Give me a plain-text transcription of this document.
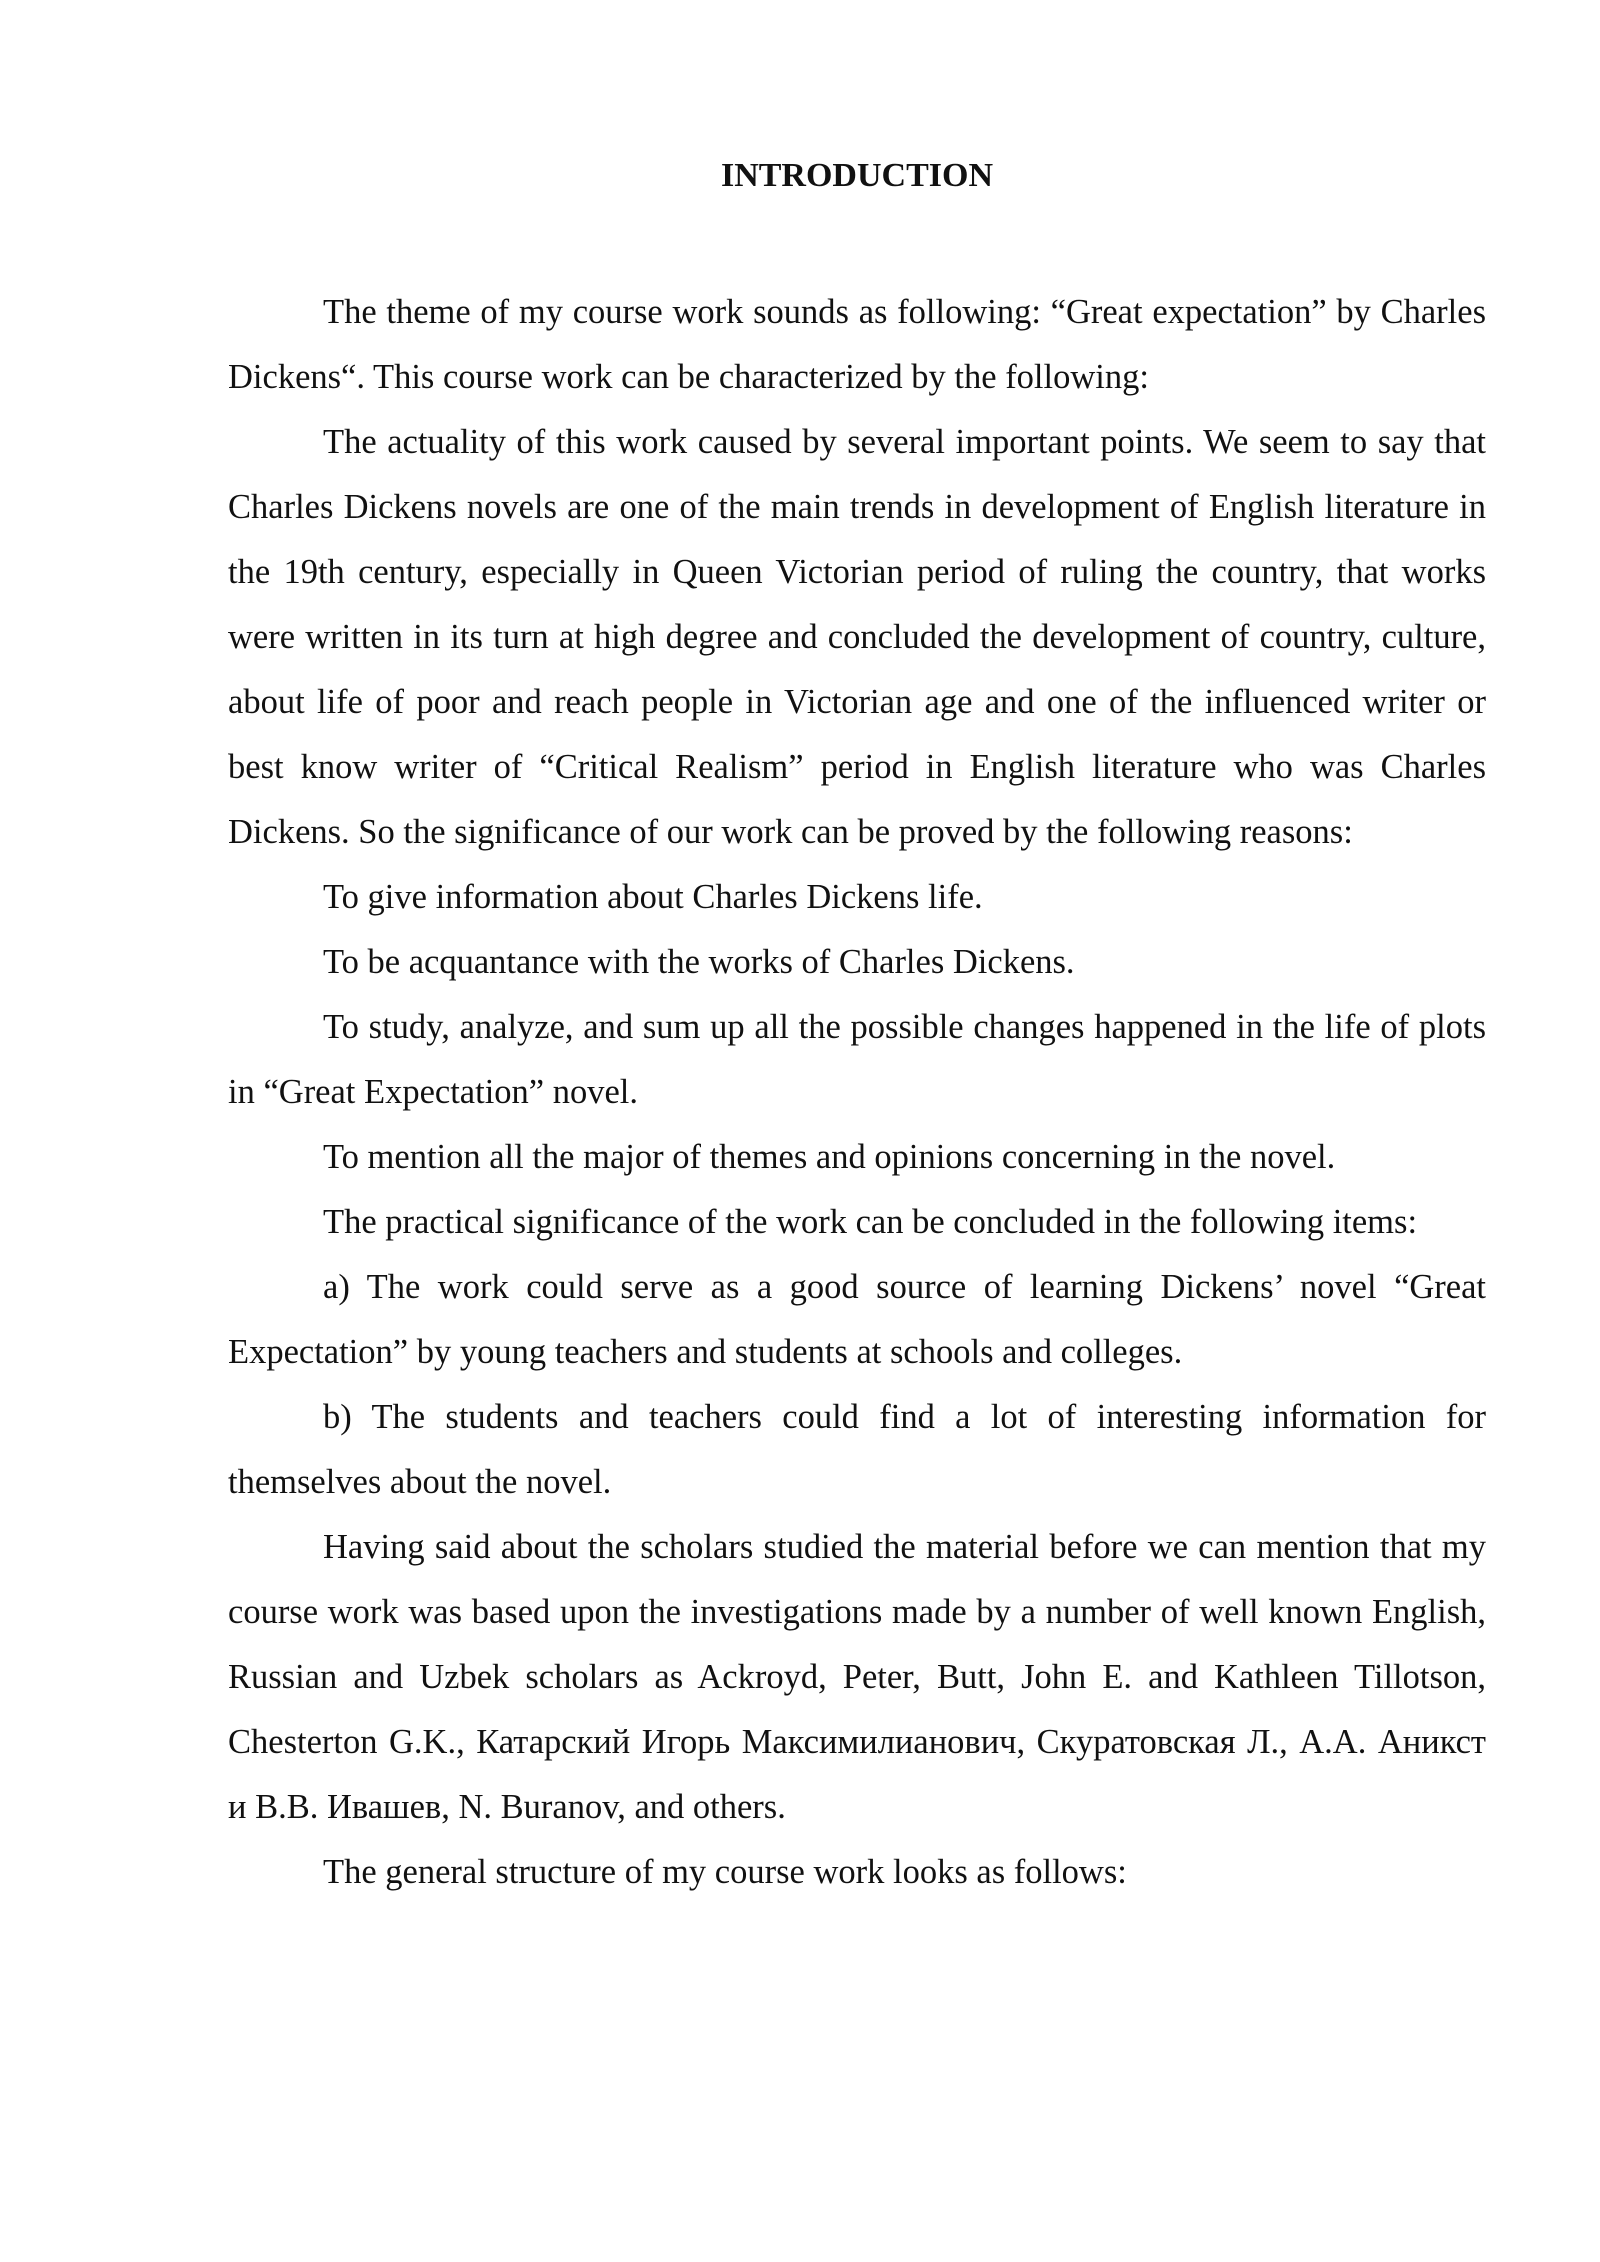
INTRODUCTION

The theme of my course work sounds as following: “Great expectation” by Charles Dickens“. This course work can be characterized by the following:

The actuality of this work caused by several important points. We seem to say that Charles Dickens novels are one of the main trends in development of English literature in the 19th century, especially in Queen Victorian period of ruling the country, that works were written in its turn at high degree and concluded the development of country, culture, about life of poor and reach people in Victorian age and one of the influenced writer or best know writer of “Critical Realism” period in English literature who was Charles Dickens. So the significance of our work can be proved by the following reasons:

To give information about Charles Dickens life.

To be acquantance with the works of Charles Dickens.

To study, analyze, and sum up all the possible changes happened in the life of plots in “Great Expectation” novel.

To mention all the major of themes and opinions concerning in the novel.

The practical significance of the work can be concluded in the following items:

a) The work could serve as a good source of learning Dickens’ novel “Great Expectation” by young teachers and students at schools and colleges.

b) The students and teachers could find a lot of interesting information for themselves about the novel.

Having said about the scholars studied the material before we can mention that my course work was based upon the investigations made by a number of well known English, Russian and Uzbek scholars as Ackroyd, Peter, Butt, John E. and Kathleen Tillotson, Chesterton G.K., Катарский Игорь Максимилианович, Скуратовская Л., А.А. Аникст и В.В. Ивашев, N. Buranov, and others.

The general structure of my course work looks as follows:
